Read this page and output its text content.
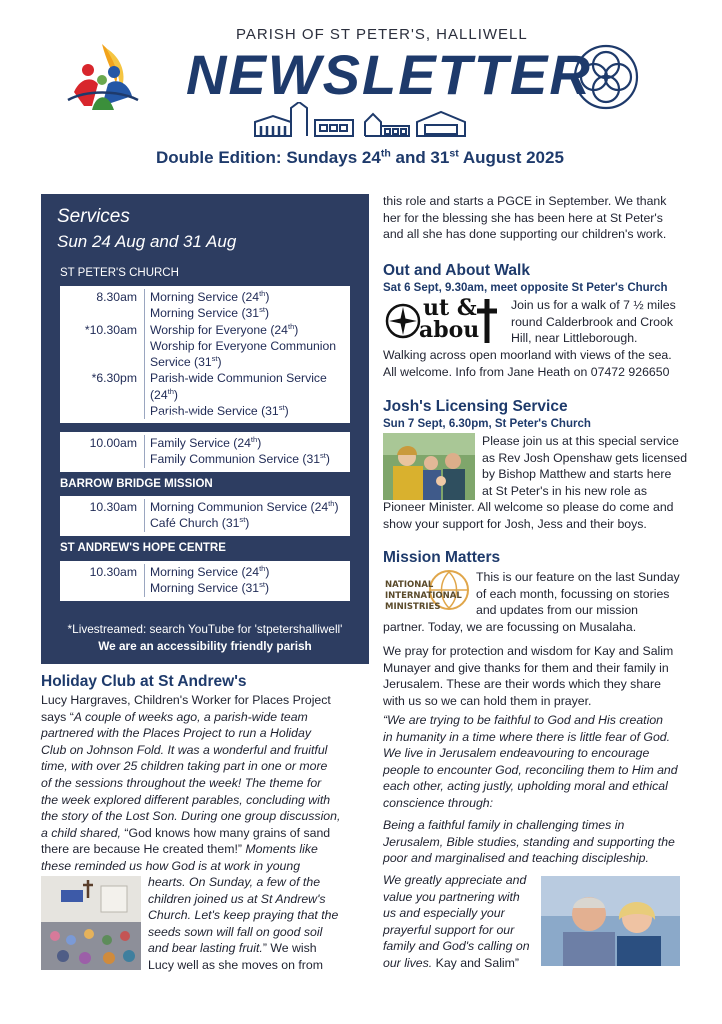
PARISH OF ST PETER'S, HALLIWELL
NEWSLETTER
Double Edition: Sundays 24th and 31st August 2025
Services
Sun 24 Aug and 31 Aug
ST PETER'S CHURCH
8.30am	Morning Service (24th)
Morning Service (31st)
*10.30am	Worship for Everyone (24th)
Worship for Everyone Communion
Service (31st)
*6.30pm	Parish-wide Communion Service (24th)
Parish-wide Service (31st)
SMITHILLS FELLOWSHIP
10.00am	Family Service (24th)
Family Communion Service (31st)
BARROW BRIDGE MISSION
10.30am	Morning Communion Service (24th)
Café Church (31st)
ST ANDREW'S HOPE CENTRE
10.30am	Morning Service (24th)
Morning Service (31st)
*Livestreamed: search YouTube for 'stpetershalliwell'
We are an accessibility friendly parish
Holiday Club at St Andrew's
Lucy Hargraves, Children's Worker for Places Project
says “A couple of weeks ago, a parish-wide team
partnered with the Places Project to run a Holiday
Club on Johnson Fold. It was a wonderful and fruitful
time, with over 25 children taking part in one or more
of the sessions throughout the week! The theme for
the week explored different parables, concluding with
the story of the Lost Son. During one group discussion,
a child shared, “God knows how many grains of sand
there are because He created them!” Moments like
these reminded us how God is at work in young
hearts. On Sunday, a few of the
children joined us at St Andrew's
Church. Let's keep praying that the
seeds sown will fall on good soil
and bear lasting fruit.” We wish
Lucy well as she moves on from
this role and starts a PGCE in September. We thank
her for the blessing she has been here at St Peter's
and all she has done supporting our children's work.
Out and About Walk
Sat 6 Sept, 9.30am, meet opposite St Peter's Church
ut &
abou
Join us for a walk of 7 ½ miles
round Calderbrook and Crook
Hill, near Littleborough.
Walking across open moorland with views of the sea.
All welcome. Info from Jane Heath on 07472 926650
Josh's Licensing Service
Sun 7 Sept, 6.30pm, St Peter's Church
Please join us at this special service
as Rev Josh Openshaw gets licensed
by Bishop Matthew and starts here
at St Peter's in his new role as
Pioneer Minister. All welcome so please do come and
show your support for Josh, Jess and their boys.
Mission Matters
NATIONAL
INTERNATIONAL
MINISTRIES
This is our feature on the last Sunday
of each month, focussing on stories
and updates from our mission
partner. Today, we are focussing on Musalaha.
We pray for protection and wisdom for Kay and Salim
Munayer and give thanks for them and their family in
Jerusalem. These are their words which they share
with us so we can hold them in prayer.
“We are trying to be faithful to God and His creation
in humanity in a time where there is little fear of God.
We live in Jerusalem endeavouring to encourage
people to encounter God, reconciling them to Him and
each other, acting justly, upholding moral and ethical
conscience through:
Being a faithful family in challenging times in
Jerusalem, Bible studies, standing and supporting the
poor and marginalised and teaching discipleship.
We greatly appreciate and
value you partnering with
us and especially your
prayerful support for our
family and God's calling on
our lives. Kay and Salim”
